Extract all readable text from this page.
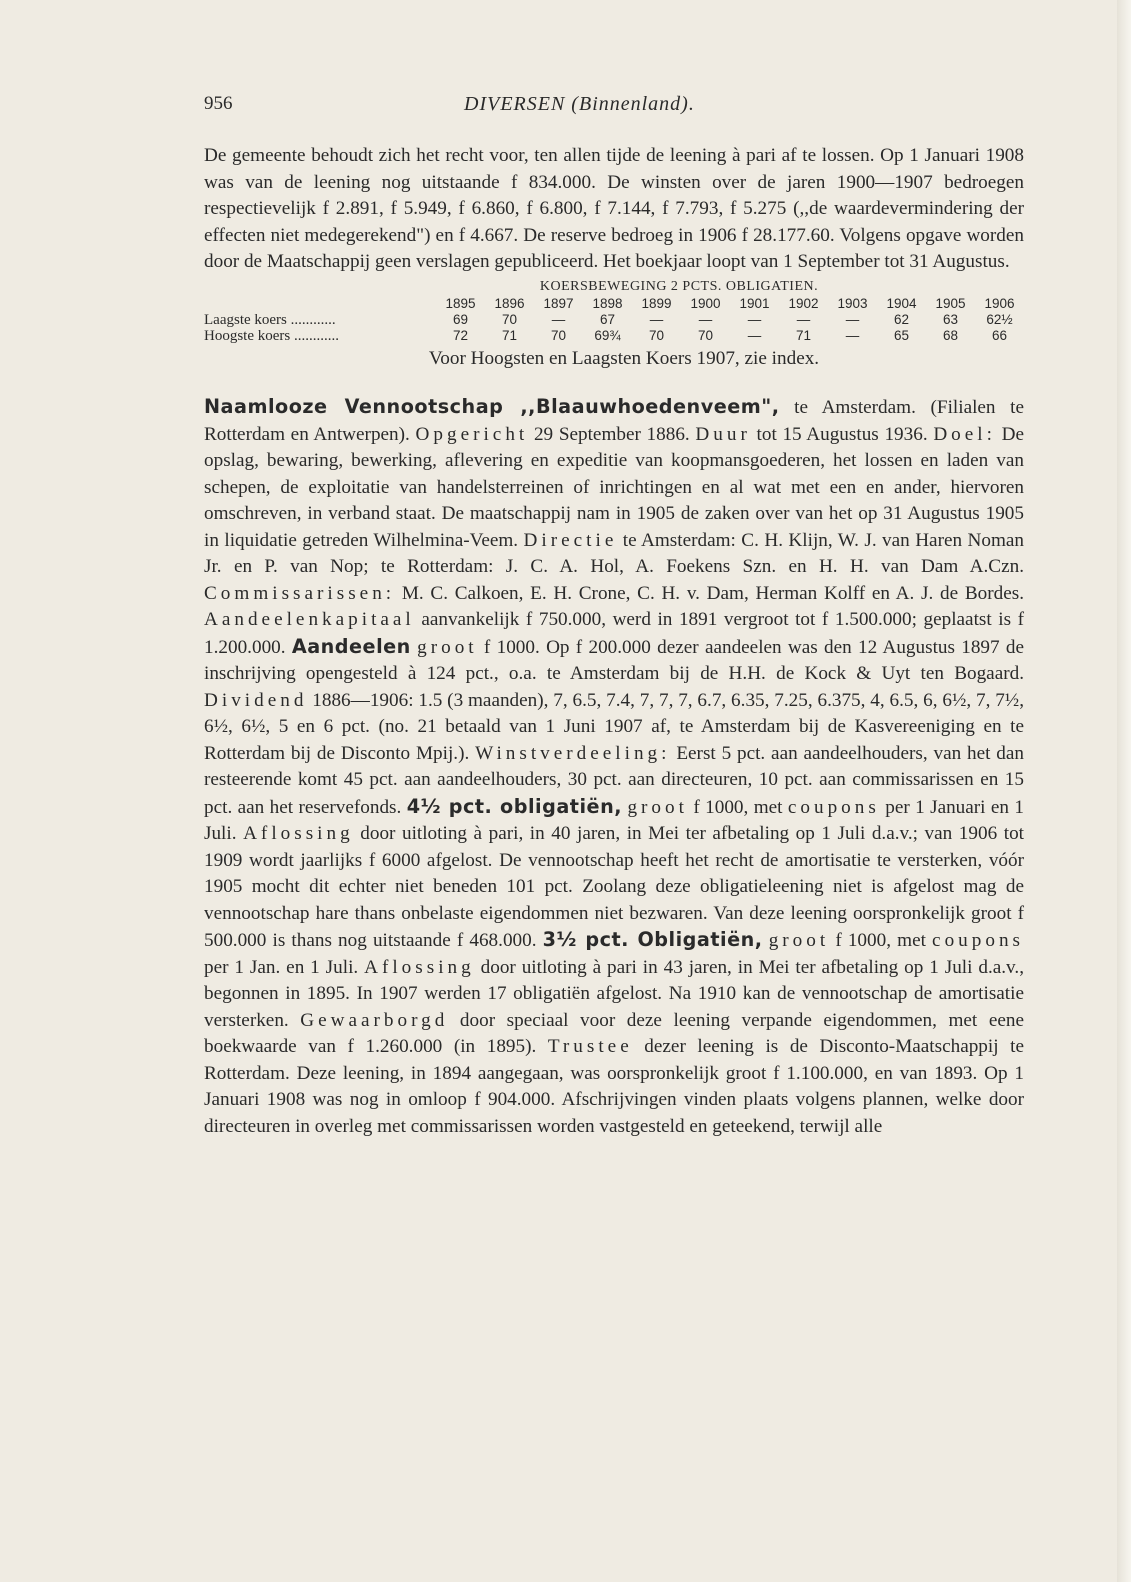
956	DIVERSEN (Binnenland).

De gemeente behoudt zich het recht voor, ten allen tijde de leening à pari af te lossen. Op 1 Januari 1908 was van de leening nog uitstaande f 834.000. De winsten over de jaren 1900—1907 bedroegen respectievelijk f 2.891, f 5.949, f 6.860, f 6.800, f 7.144, f 7.793, f 5.275 (,,de waardevermindering der effecten niet medegerekend") en f 4.667. De reserve bedroeg in 1906 f 28.177.60. Volgens opgave worden door de Maatschappij geen verslagen gepubliceerd. Het boekjaar loopt van 1 September tot 31 Augustus.

KOERSBEWEGING 2 PCTS. OBLIGATIEN.
	1895	1896	1897	1898	1899	1900	1901	1902	1903	1904	1905	1906
Laagste koers ............	69	70	—	67	—	—	—	—	—	62	63	62½
Hoogste koers ............	72	71	70	69¾	70	70	—	71	—	65	68	66
Voor Hoogsten en Laagsten Koers 1907, zie index.

Naamlooze Vennootschap ,,Blaauwhoedenveem", te Amsterdam. (Filialen te Rotterdam en Antwerpen). Opgericht 29 September 1886. Duur tot 15 Augustus 1936. Doel: De opslag, bewaring, bewerking, aflevering en expeditie van koopmansgoederen, het lossen en laden van schepen, de exploitatie van handelsterreinen of inrichtingen en al wat met een en ander, hiervoren omschreven, in verband staat. De maatschappij nam in 1905 de zaken over van het op 31 Augustus 1905 in liquidatie getreden Wilhelmina-Veem. Directie te Amsterdam: C. H. Klijn, W. J. van Haren Noman Jr. en P. van Nop; te Rotterdam: J. C. A. Hol, A. Foekens Szn. en H. H. van Dam A.Czn. Commissarissen: M. C. Calkoen, E. H. Crone, C. H. v. Dam, Herman Kolff en A. J. de Bordes. Aandeelenkapitaal aanvankelijk f 750.000, werd in 1891 vergroot tot f 1.500.000; geplaatst is f 1.200.000. Aandeelen groot f 1000. Op f 200.000 dezer aandeelen was den 12 Augustus 1897 de inschrijving opengesteld à 124 pct., o.a. te Amsterdam bij de H.H. de Kock & Uyt ten Bogaard. Dividend 1886—1906: 1.5 (3 maanden), 7, 6.5, 7.4, 7, 7, 7, 6.7, 6.35, 7.25, 6.375, 4, 6.5, 6, 6½, 7, 7½, 6½, 6½, 5 en 6 pct. (no. 21 betaald van 1 Juni 1907 af, te Amsterdam bij de Kasvereeniging en te Rotterdam bij de Disconto Mpij.). Winstverdeeling: Eerst 5 pct. aan aandeelhouders, van het dan resteerende komt 45 pct. aan aandeelhouders, 30 pct. aan directeuren, 10 pct. aan commissarissen en 15 pct. aan het reservefonds. 4½ pct. obligatiën, groot f 1000, met coupons per 1 Januari en 1 Juli. Aflossing door uitloting à pari, in 40 jaren, in Mei ter afbetaling op 1 Juli d.a.v.; van 1906 tot 1909 wordt jaarlijks f 6000 afgelost. De vennootschap heeft het recht de amortisatie te versterken, vóór 1905 mocht dit echter niet beneden 101 pct. Zoolang deze obligatieleening niet is afgelost mag de vennootschap hare thans onbelaste eigendommen niet bezwaren. Van deze leening oorspronkelijk groot f 500.000 is thans nog uitstaande f 468.000. 3½ pct. Obligatiën, groot f 1000, met coupons per 1 Jan. en 1 Juli. Aflossing door uitloting à pari in 43 jaren, in Mei ter afbetaling op 1 Juli d.a.v., begonnen in 1895. In 1907 werden 17 obligatiën afgelost. Na 1910 kan de vennootschap de amortisatie versterken. Gewaarborgd door speciaal voor deze leening verpande eigendommen, met eene boekwaarde van f 1.260.000 (in 1895). Trustee dezer leening is de Disconto-Maatschappij te Rotterdam. Deze leening, in 1894 aangegaan, was oorspronkelijk groot f 1.100.000, en van 1893. Op 1 Januari 1908 was nog in omloop f 904.000. Afschrijvingen vinden plaats volgens plannen, welke door directeuren in overleg met commissarissen worden vastgesteld en geteekend, terwijl alle
